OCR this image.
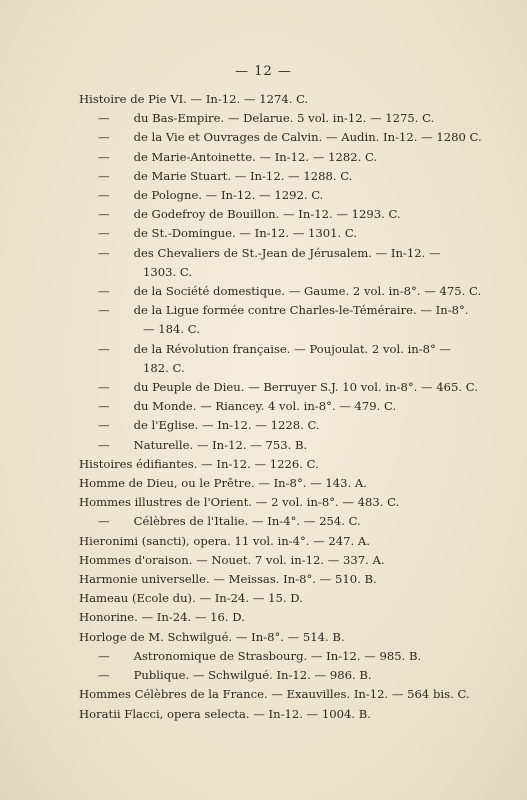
— 12 —
Histoire de Pie VI. — In-12. — 1274. C.
— du Bas-Empire. — Delarue. 5 vol. in-12. — 1275. C.
— de la Vie et Ouvrages de Calvin. — Audin. In-12. — 1280 C.
— de Marie-Antoinette. — In-12. — 1282. C.
— de Marie Stuart. — In-12. — 1288. C.
— de Pologne. — In-12. — 1292. C.
— de Godefroy de Bouillon. — In-12. — 1293. C.
— de St.-Domingue. — In-12. — 1301. C.
— des Chevaliers de St.-Jean de Jérusalem. — In-12. —
1303. C.
— de la Société domestique. — Gaume. 2 vol. in-8°. — 475. C.
— de la Ligue formée contre Charles-le-Téméraire. — In-8°.
— 184. C.
— de la Révolution française. — Poujoulat. 2 vol. in-8° —
182. C.
— du Peuple de Dieu. — Berruyer S.J. 10 vol. in-8°. — 465. C.
— du Monde. — Riancey. 4 vol. in-8°. — 479. C.
— de l'Eglise. — In-12. — 1228. C.
— Naturelle. — In-12. — 753. B.
Histoires édifiantes. — In-12. — 1226. C.
Homme de Dieu, ou le Prêtre. — In-8°. — 143. A.
Hommes illustres de l'Orient. — 2 vol. in-8°. — 483. C.
— Célèbres de l'Italie. — In-4°. — 254. C.
Hieronimi (sancti), opera. 11 vol. in-4°. — 247. A.
Hommes d'oraison. — Nouet. 7 vol. in-12. — 337. A.
Harmonie universelle. — Meissas. In-8°. — 510. B.
Hameau (Ecole du). — In-24. — 15. D.
Honorine. — In-24. — 16. D.
Horloge de M. Schwilgué. — In-8°. — 514. B.
— Astronomique de Strasbourg. — In-12. — 985. B.
— Publique. — Schwilgué. In-12. — 986. B.
Hommes Célèbres de la France. — Exauvilles. In-12. — 564 bis. C.
Horatii Flacci, opera selecta. — In-12. — 1004. B.
